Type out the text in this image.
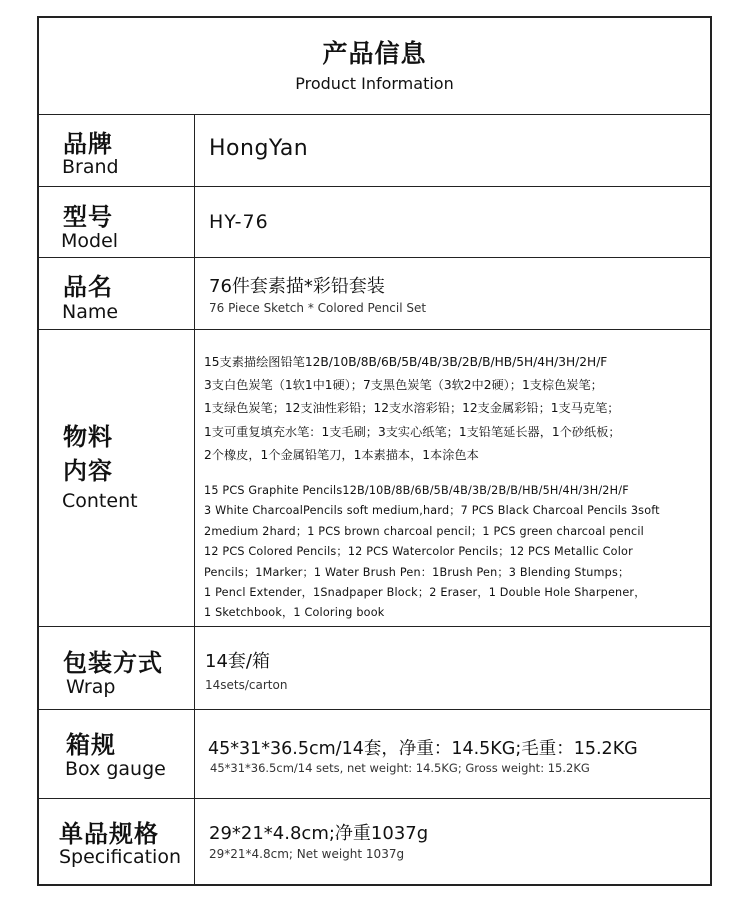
产品信息
Product Information
品牌
Brand
HongYan
型号
Model
HY-76
品名
Name
76件套素描*彩铅套装
76 Piece Sketch * Colored Pencil Set
物料
内容
Content
15支素描绘图铅笔12B/10B/8B/6B/5B/4B/3B/2B/B/HB/5H/4H/3H/2H/F
3支白色炭笔（1软1中1硬）；7支黑色炭笔（3软2中2硬）；1支棕色炭笔；
1支绿色炭笔；12支油性彩铅；12支水溶彩铅；12支金属彩铅；1支马克笔；
1支可重复填充水笔：1支毛刷；3支实心纸笔；1支铅笔延长器，1个砂纸板；
2个橡皮，1个金属铅笔刀，1本素描本，1本涂色本
15 PCS Graphite Pencils12B/10B/8B/6B/5B/4B/3B/2B/B/HB/5H/4H/3H/2H/F
3 White CharcoalPencils soft medium,hard；7 PCS Black Charcoal Pencils 3soft
2medium 2hard；1 PCS brown charcoal pencil；1 PCS green charcoal pencil
12 PCS Colored Pencils；12 PCS Watercolor Pencils；12 PCS Metallic Color
Pencils；1Marker；1 Water Brush Pen：1Brush Pen；3 Blending Stumps；
1 Pencl Extender，1Snadpaper Block；2 Eraser，1 Double Hole Sharpener，
1 Sketchbook，1 Coloring book
包装方式
Wrap
14套/箱
14sets/carton
箱规
Box gauge
45*31*36.5cm/14套，净重：14.5KG;毛重：15.2KG
45*31*36.5cm/14 sets, net weight: 14.5KG; Gross weight: 15.2KG
单品规格
Specification
29*21*4.8cm;净重1037g
29*21*4.8cm; Net weight 1037g
